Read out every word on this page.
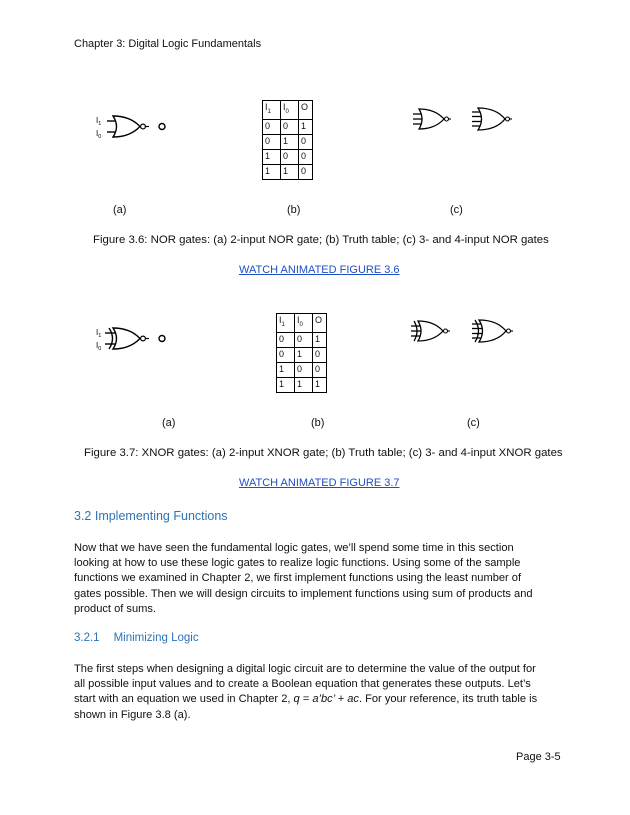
Chapter 3: Digital Logic Fundamentals
$I_1$
$I_0$
$I_1$	$I_0$	O
0	0	1
0	1	0
1	0	0
1	1	0
(a)	(b)	(c)
Figure 3.6: NOR gates: (a) 2-input NOR gate; (b) Truth table; (c) 3- and 4-input NOR gates
WATCH ANIMATED FIGURE 3.6
$I_1$
$I_0$
$I_1$	$I_0$	O
0	0	1
0	1	0
1	0	0
1	1	1
(a)	(b)	(c)
Figure 3.7: XNOR gates: (a) 2-input XNOR gate; (b) Truth table; (c) 3- and 4-input XNOR gates
WATCH ANIMATED FIGURE 3.7
3.2 Implementing Functions
Now that we have seen the fundamental logic gates, we’ll spend some time in this section
looking at how to use these logic gates to realize logic functions. Using some of the sample
functions we examined in Chapter 2, we first implement functions using the least number of
gates possible. Then we will design circuits to implement functions using sum of products and
product of sums.
3.2.1 Minimizing Logic
The first steps when designing a digital logic circuit are to determine the value of the output for
all possible input values and to create a Boolean equation that generates these outputs. Let’s
start with an equation we used in Chapter 2, q = a’bc’ + ac. For your reference, its truth table is
shown in Figure 3.8 (a).
Page 3-5
